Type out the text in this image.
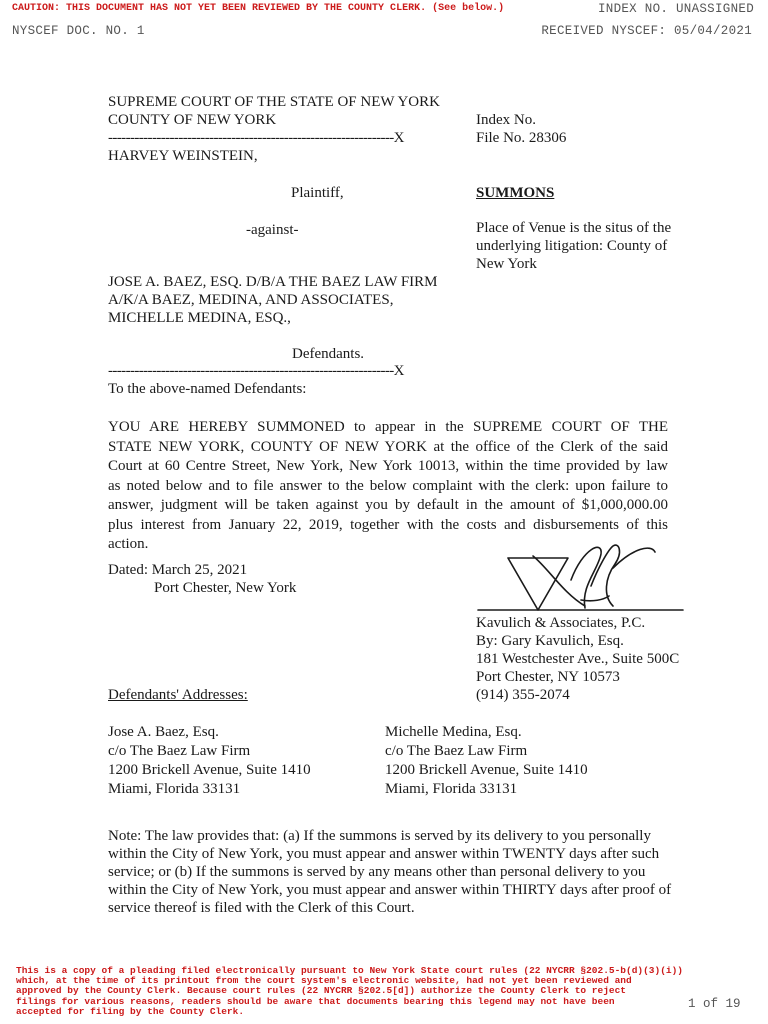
CAUTION: THIS DOCUMENT HAS NOT YET BEEN REVIEWED BY THE COUNTY CLERK. (See below.)	INDEX NO. UNASSIGNED
NYSCEF DOC. NO. 1	RECEIVED NYSCEF: 05/04/2021
SUPREME COURT OF THE STATE OF NEW YORK
COUNTY OF NEW YORK
-----------------------------------------------------------------X
HARVEY WEINSTEIN,
Plaintiff,
-against-
JOSE A. BAEZ, ESQ. D/B/A THE BAEZ LAW FIRM
A/K/A BAEZ, MEDINA, AND ASSOCIATES,
MICHELLE MEDINA, ESQ.,
Defendants.
-----------------------------------------------------------------X
Index No.
File No. 28306
SUMMONS
Place of Venue is the situs of the
underlying litigation: County of
New York
To the above-named Defendants:
YOU ARE HEREBY SUMMONED to appear in the SUPREME COURT OF THE
STATE NEW YORK, COUNTY OF NEW YORK at the office of the Clerk of the said
Court at 60 Centre Street, New York, New York 10013, within the time provided by law
as noted below and to file answer to the below complaint with the clerk: upon failure to
answer, judgment will be taken against you by default in the amount of $1,000,000.00
plus interest from January 22, 2019, together with the costs and disbursements of this
action.
Dated: March 25, 2021
Port Chester, New York
Kavulich & Associates, P.C.
By: Gary Kavulich, Esq.
181 Westchester Ave., Suite 500C
Port Chester, NY 10573
(914) 355-2074
Defendants' Addresses:
Jose A. Baez, Esq.
c/o The Baez Law Firm
1200 Brickell Avenue, Suite 1410
Miami, Florida 33131
Michelle Medina, Esq.
c/o The Baez Law Firm
1200 Brickell Avenue, Suite 1410
Miami, Florida 33131
Note: The law provides that: (a) If the summons is served by its delivery to you personally
within the City of New York, you must appear and answer within TWENTY days after such
service; or (b) If the summons is served by any means other than personal delivery to you
within the City of New York, you must appear and answer within THIRTY days after proof of
service thereof is filed with the Clerk of this Court.
This is a copy of a pleading filed electronically pursuant to New York State court rules (22 NYCRR §202.5-b(d)(3)(i))
which, at the time of its printout from the court system's electronic website, had not yet been reviewed and
approved by the County Clerk. Because court rules (22 NYCRR §202.5[d]) authorize the County Clerk to reject
filings for various reasons, readers should be aware that documents bearing this legend may not have been
accepted for filing by the County Clerk.
1 of 19
